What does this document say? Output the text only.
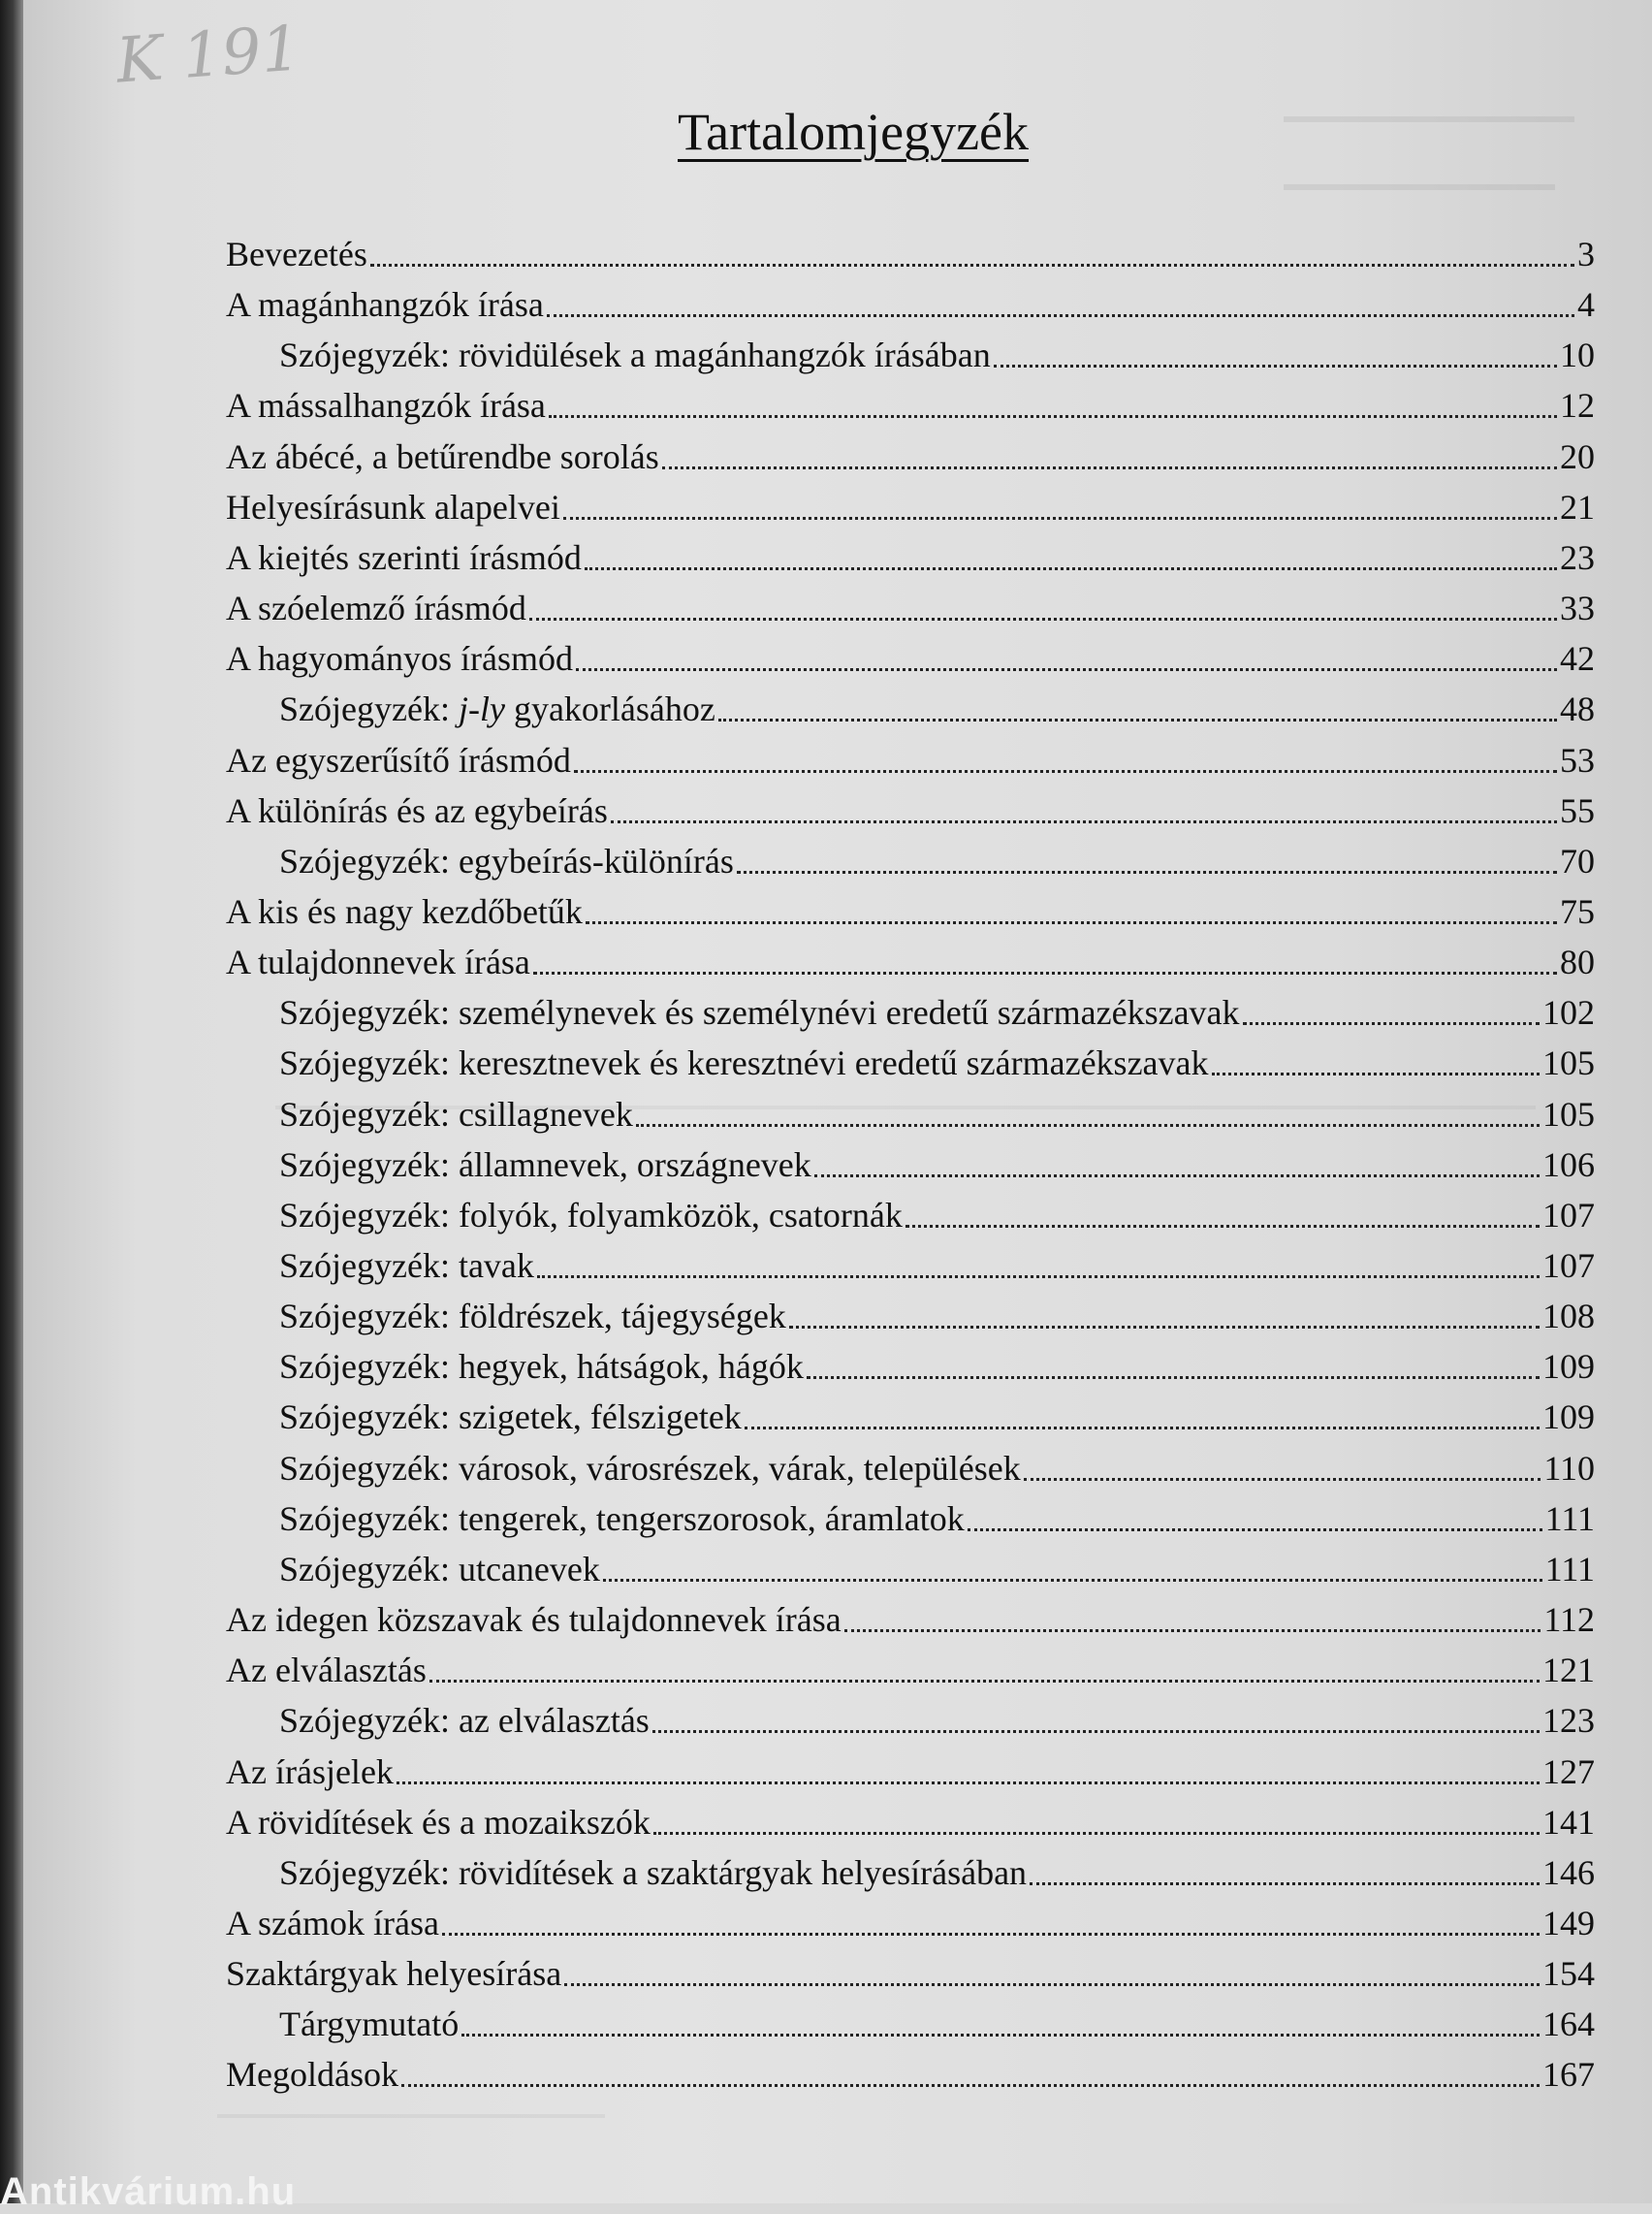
K 191
Tartalomjegyzék
Bevezetés	3
A magánhangzók írása	4
Szójegyzék: rövidülések a magánhangzók írásában	10
A mássalhangzók írása	12
Az ábécé, a betűrendbe sorolás	20
Helyesírásunk alapelvei	21
A kiejtés szerinti írásmód	23
A szóelemző írásmód	33
A hagyományos írásmód	42
Szójegyzék: j-ly gyakorlásához	48
Az egyszerűsítő írásmód	53
A különírás és az egybeírás	55
Szójegyzék: egybeírás-különírás	70
A kis és nagy kezdőbetűk	75
A tulajdonnevek írása	80
Szójegyzék: személynevek és személynévi eredetű származékszavak	102
Szójegyzék: keresztnevek és keresztnévi eredetű származékszavak	105
Szójegyzék: csillagnevek	105
Szójegyzék: államnevek, országnevek	106
Szójegyzék: folyók, folyamközök, csatornák	107
Szójegyzék: tavak	107
Szójegyzék: földrészek, tájegységek	108
Szójegyzék: hegyek, hátságok, hágók	109
Szójegyzék: szigetek, félszigetek	109
Szójegyzék: városok, városrészek, várak, települések	110
Szójegyzék: tengerek, tengerszorosok, áramlatok	111
Szójegyzék: utcanevek	111
Az idegen közszavak és tulajdonnevek írása	112
Az elválasztás	121
Szójegyzék: az elválasztás	123
Az írásjelek	127
A rövidítések és a mozaikszók	141
Szójegyzék: rövidítések a szaktárgyak helyesírásában	146
A számok írása	149
Szaktárgyak helyesírása	154
Tárgymutató	164
Megoldások	167
Antikvárium.hu
